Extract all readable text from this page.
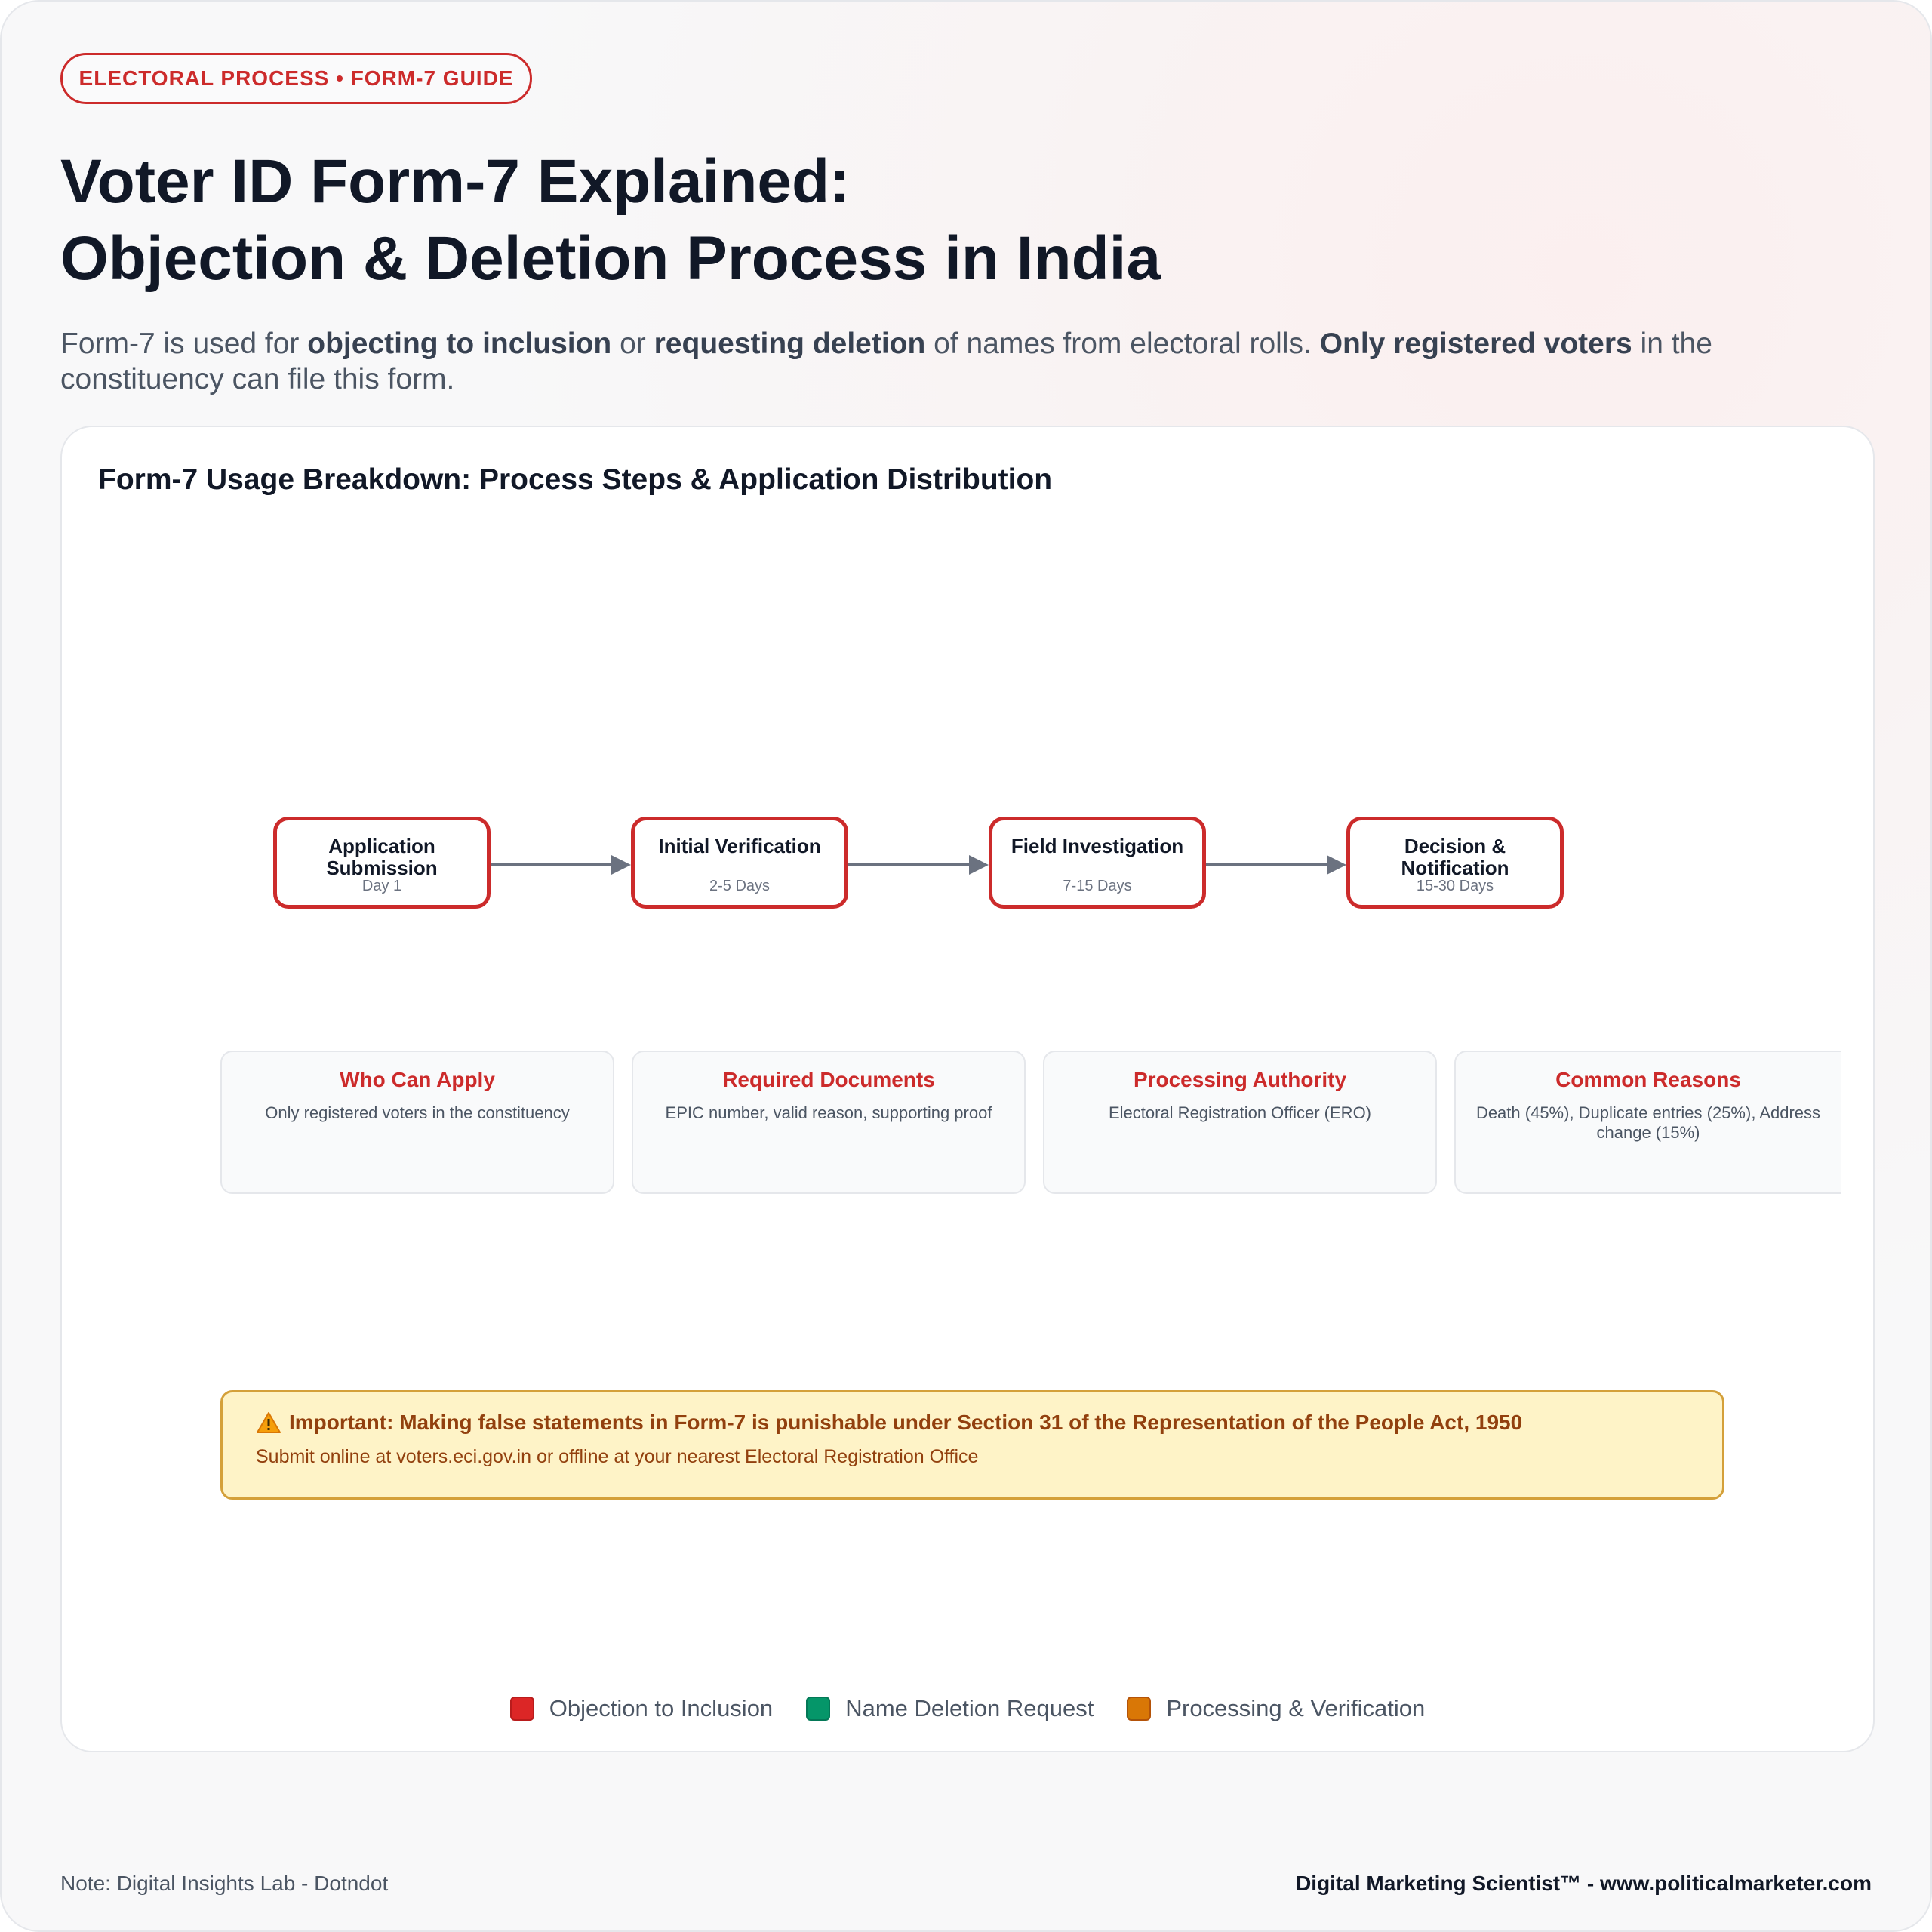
ELECTORAL PROCESS • FORM-7 GUIDE
Voter ID Form-7 Explained:
Objection & Deletion Process in India

Form-7 is used for objecting to inclusion or requesting deletion of names from electoral rolls. Only registered voters in the constituency can file this form.

Form-7 Usage Breakdown: Process Steps & Application Distribution
Application Submission
Day 1
Initial Verification
2-5 Days
Field Investigation
7-15 Days
Decision & Notification
15-30 Days
Who Can Apply
Only registered voters in the constituency
Required Documents
EPIC number, valid reason, supporting proof
Processing Authority
Electoral Registration Officer (ERO)
Common Reasons
Death (45%), Duplicate entries (25%), Address change (15%)
Important: Making false statements in Form-7 is punishable under Section 31 of the Representation of the People Act, 1950
Submit online at voters.eci.gov.in or offline at your nearest Electoral Registration Office
Objection to Inclusion	Name Deletion Request	Processing & Verification
Note: Digital Insights Lab - Dotndot	Digital Marketing Scientist™ - www.politicalmarketer.com
